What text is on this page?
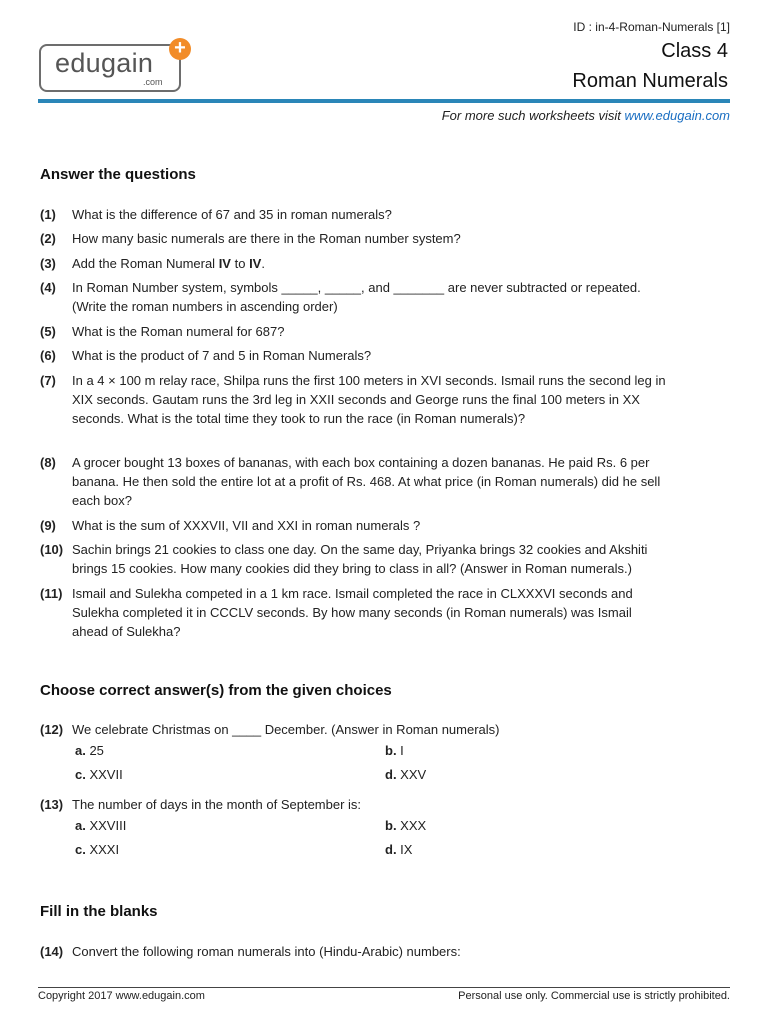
ID : in-4-Roman-Numerals [1]
edugain
.com
+	Class 4
Roman Numerals
For more such worksheets visit www.edugain.com
Answer the questions
(1) What is the difference of 67 and 35 in roman numerals?
(2) How many basic numerals are there in the Roman number system?
(3) Add the Roman Numeral IV to IV.
(4) In Roman Number system, symbols _____, _____, and _______ are never subtracted or repeated.
(Write the roman numbers in ascending order)
(5) What is the Roman numeral for 687?
(6) What is the product of 7 and 5 in Roman Numerals?
(7) In a 4 × 100 m relay race, Shilpa runs the first 100 meters in XVI seconds. Ismail runs the second leg in
XIX seconds. Gautam runs the 3rd leg in XXII seconds and George runs the final 100 meters in XX
seconds. What is the total time they took to run the race (in Roman numerals)?
(8) A grocer bought 13 boxes of bananas, with each box containing a dozen bananas. He paid Rs. 6 per
banana. He then sold the entire lot at a profit of Rs. 468. At what price (in Roman numerals) did he sell
each box?
(9) What is the sum of XXXVII, VII and XXI in roman numerals ?
(10) Sachin brings 21 cookies to class one day. On the same day, Priyanka brings 32 cookies and Akshiti
brings 15 cookies. How many cookies did they bring to class in all? (Answer in Roman numerals.)
(11) Ismail and Sulekha competed in a 1 km race. Ismail completed the race in CLXXXVI seconds and
Sulekha completed it in CCCLV seconds. By how many seconds (in Roman numerals) was Ismail
ahead of Sulekha?
Choose correct answer(s) from the given choices
(12) We celebrate Christmas on ____ December. (Answer in Roman numerals)
a. 25	b. I
c. XXVII	d. XXV
(13) The number of days in the month of September is:
a. XXVIII	b. XXX
c. XXXI	d. IX
Fill in the blanks
(14) Convert the following roman numerals into (Hindu-Arabic) numbers:
Copyright 2017 www.edugain.com	Personal use only. Commercial use is strictly prohibited.
